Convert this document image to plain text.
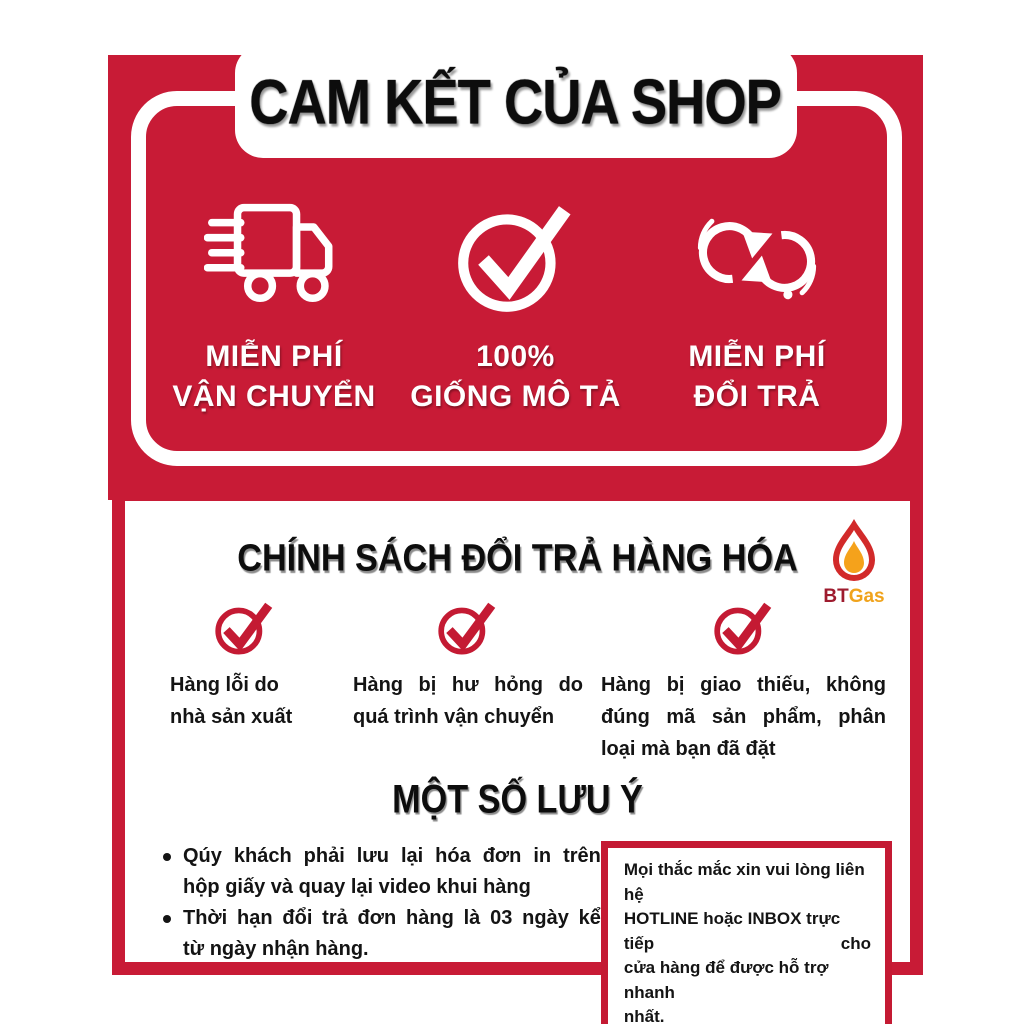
CAM KẾT CỦA SHOP
MIỄN PHÍ
VẬN CHUYỂN
100%
GIỐNG MÔ TẢ
MIỄN PHÍ
ĐỔI TRẢ
CHÍNH SÁCH ĐỔI TRẢ HÀNG HÓA
BTGas
Hàng lỗi do
nhà sản xuất
Hàng bị hư hỏng do
quá trình vận chuyển
Hàng bị giao thiếu, không
đúng mã sản phẩm, phân
loại mà bạn đã đặt
MỘT SỐ LƯU Ý
Qúy khách phải lưu lại hóa đơn in trên
hộp giấy và quay lại video khui hàng
Thời hạn đổi trả đơn hàng là 03 ngày kể
từ ngày nhận hàng.
Mọi thắc mắc xin vui lòng liên hệ
HOTLINE hoặc INBOX trực tiếp cho
cửa hàng để được hỗ trợ nhanh
nhất.
